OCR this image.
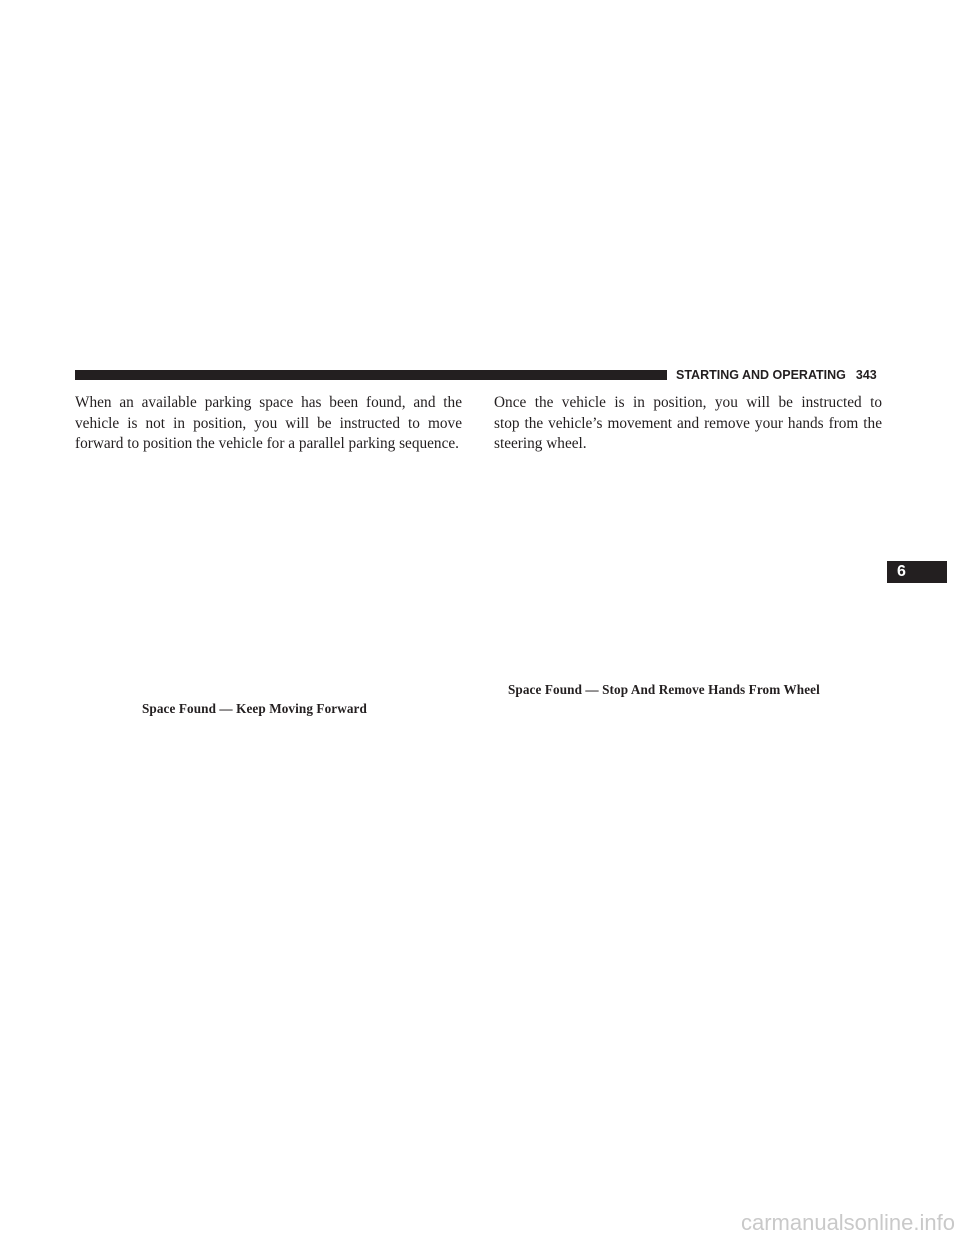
STARTING AND OPERATING 343

When an available parking space has been found, and the vehicle is not in position, you will be instructed to move forward to position the vehicle for a parallel parking sequence.

Once the vehicle is in position, you will be instructed to
stop the vehicle’s movement and remove your hands from the steering wheel.
Space Found — Keep Moving Forward
Space Found — Stop And Remove Hands From Wheel
6
carmanualsonline.info
